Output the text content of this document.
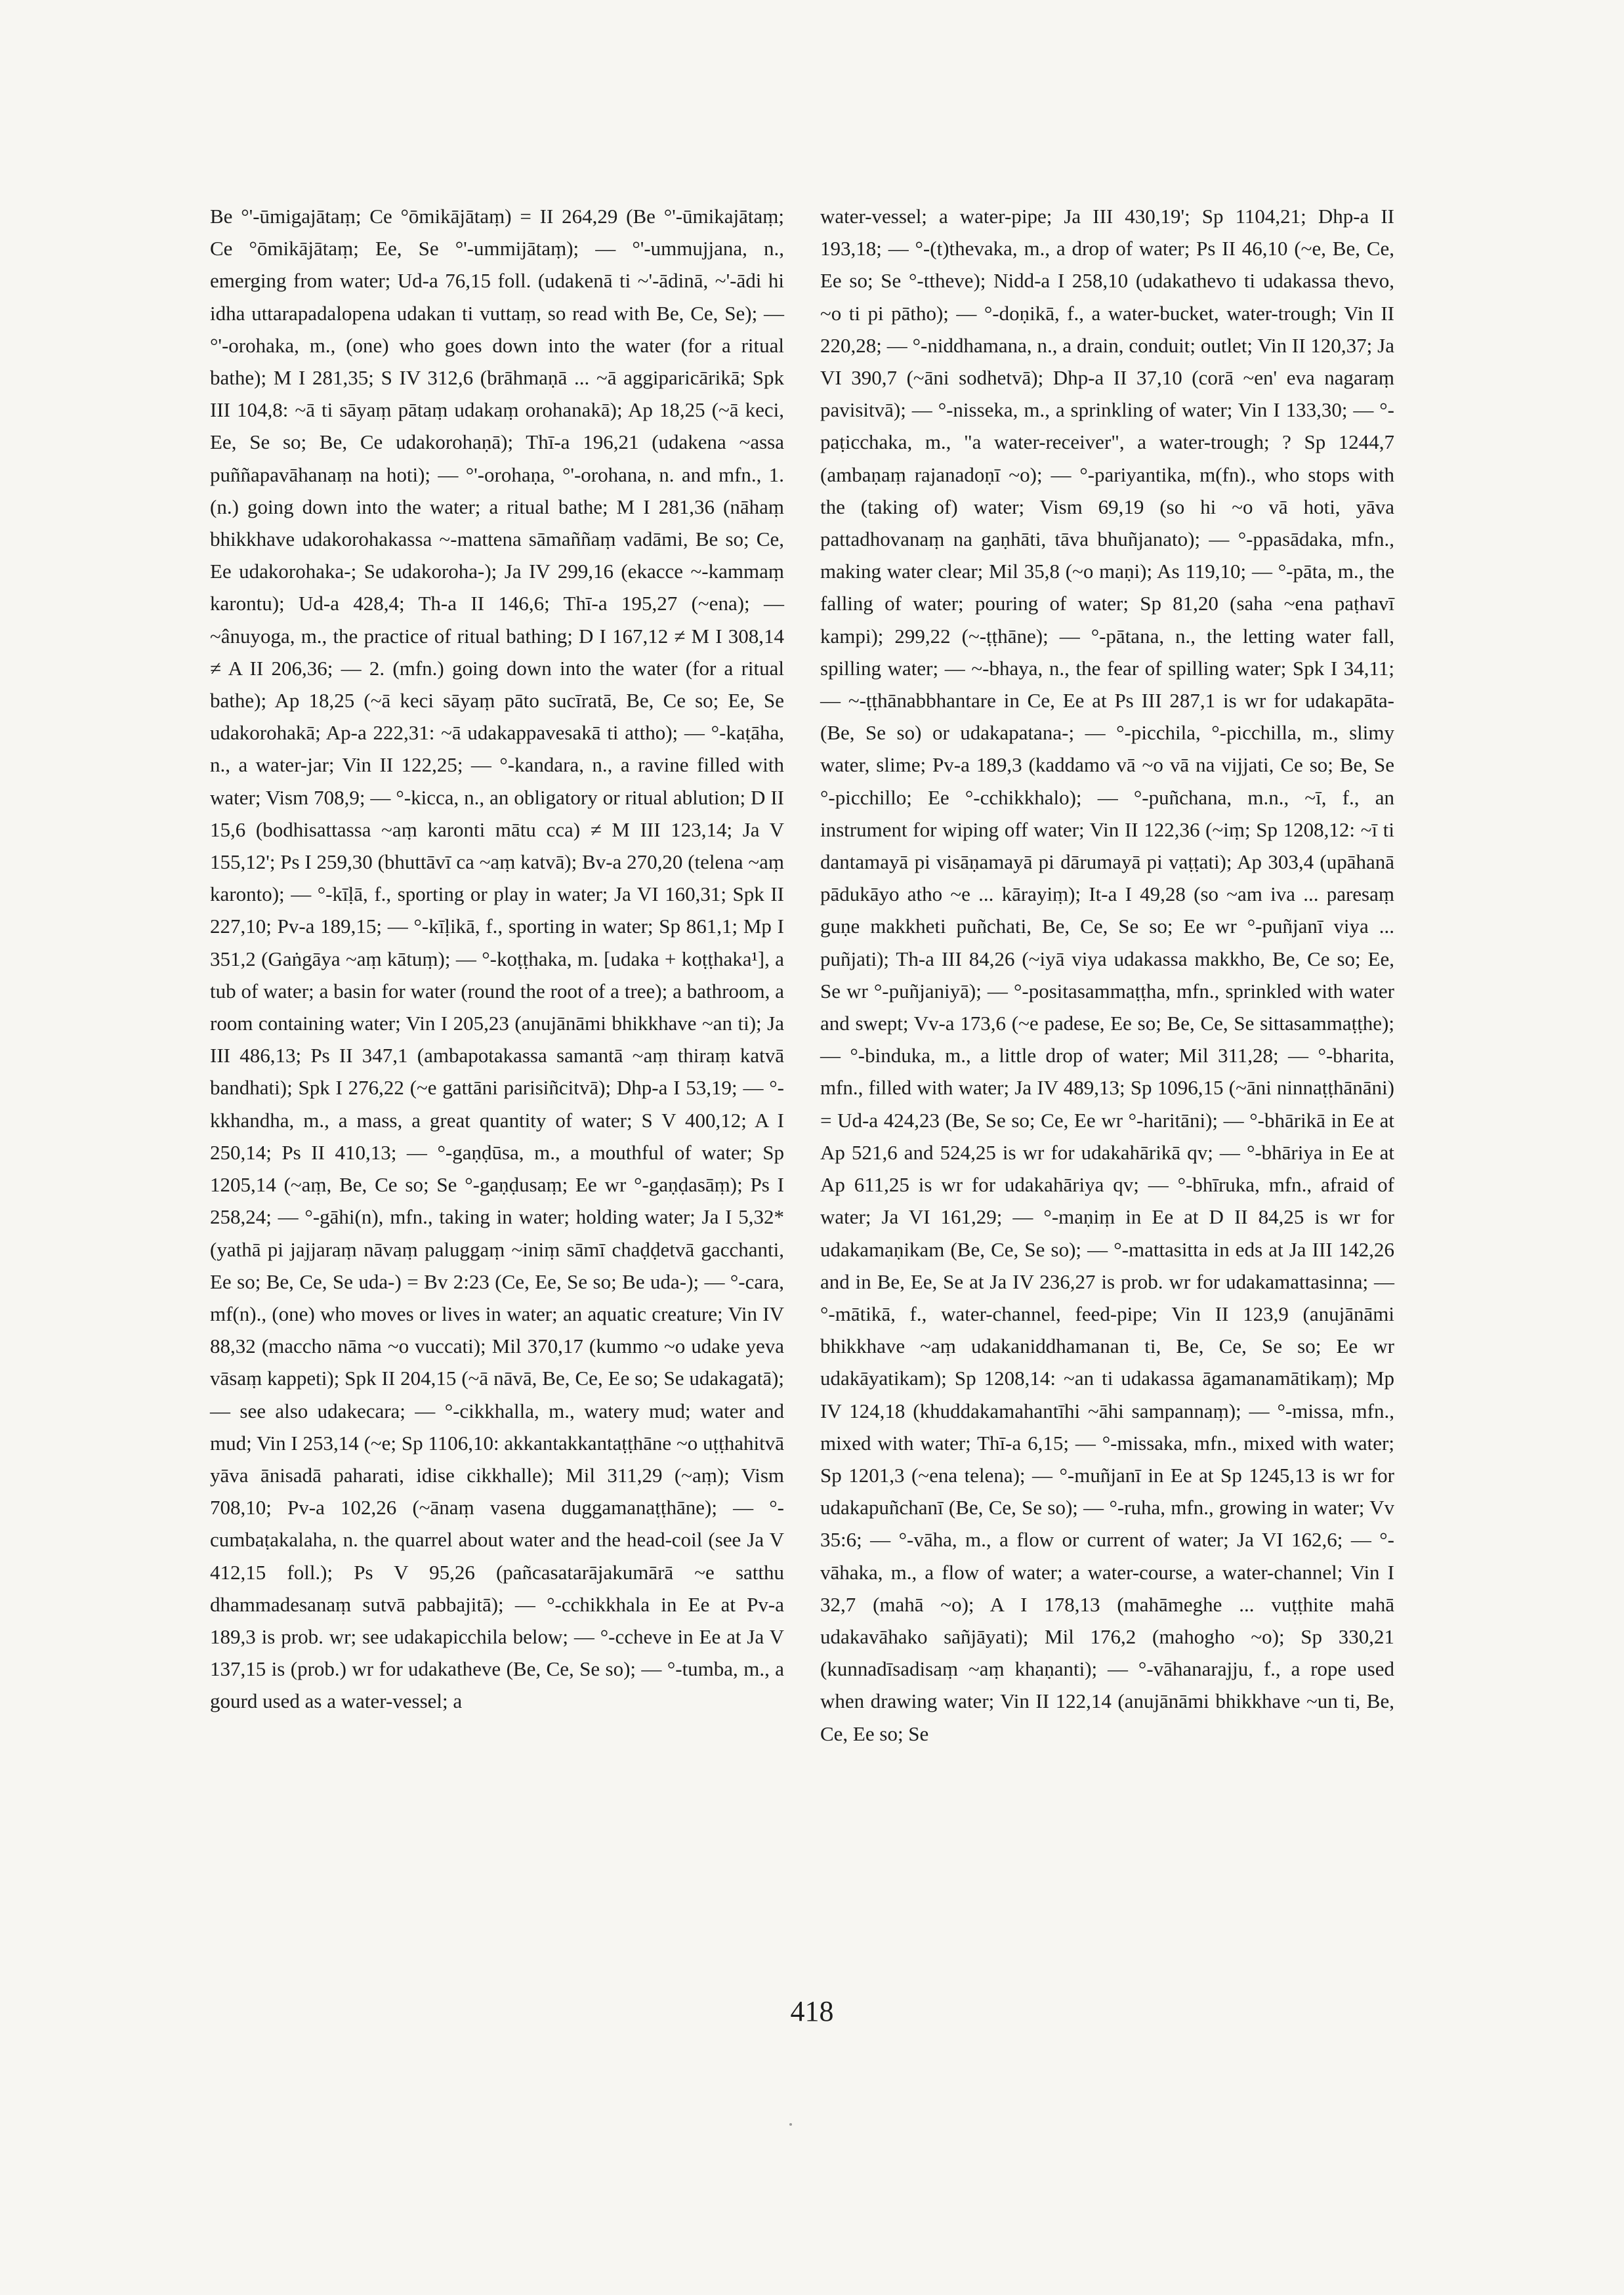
Be °'-ūmigajātaṃ; Ce °ōmikājātaṃ) = II 264,29 (Be °'-ūmikajātaṃ; Ce °ōmikājātaṃ; Ee, Se °'-ummijātaṃ); — °'-ummujjana, n., emerging from water; Ud-a 76,15 foll. (udakenā ti ~'-ādinā, ~'-ādi hi idha uttarapadalopena udakan ti vuttaṃ, so read with Be, Ce, Se); — °'-orohaka, m., (one) who goes down into the water (for a ritual bathe); M I 281,35; S IV 312,6 (brāhmaṇā ... ~ā aggiparicārikā; Spk III 104,8: ~ā ti sāyaṃ pātaṃ udakaṃ orohanakā); Ap 18,25 (~ā keci, Ee, Se so; Be, Ce udakorohaṇā); Thī-a 196,21 (udakena ~assa puññapavāhanaṃ na hoti); — °'-orohaṇa, °'-orohana, n. and mfn., 1. (n.) going down into the water; a ritual bathe; M I 281,36 (nāhaṃ bhikkhave udakorohakassa ~-mattena sāmaññaṃ vadāmi, Be so; Ce, Ee udakorohaka-; Se udakoroha-); Ja IV 299,16 (ekacce ~-kammaṃ karontu); Ud-a 428,4; Th-a II 146,6; Thī-a 195,27 (~ena); — ~ânuyoga, m., the practice of ritual bathing; D I 167,12 ≠ M I 308,14 ≠ A II 206,36; — 2. (mfn.) going down into the water (for a ritual bathe); Ap 18,25 (~ā keci sāyaṃ pāto sucīratā, Be, Ce so; Ee, Se udakorohakā; Ap-a 222,31: ~ā udakappavesakā ti attho); — °-kaṭāha, n., a water-jar; Vin II 122,25; — °-kandara, n., a ravine filled with water; Vism 708,9; — °-kicca, n., an obligatory or ritual ablution; D II 15,6 (bodhisattassa ~aṃ karonti mātu cca) ≠ M III 123,14; Ja V 155,12'; Ps I 259,30 (bhuttāvī ca ~aṃ katvā); Bv-a 270,20 (telena ~aṃ karonto); — °-kīḷā, f., sporting or play in water; Ja VI 160,31; Spk II 227,10; Pv-a 189,15; — °-kīḷikā, f., sporting in water; Sp 861,1; Mp I 351,2 (Gaṅgāya ~aṃ kātuṃ); — °-koṭṭhaka, m. [udaka + koṭṭhaka¹], a tub of water; a basin for water (round the root of a tree); a bathroom, a room containing water; Vin I 205,23 (anujānāmi bhikkhave ~an ti); Ja III 486,13; Ps II 347,1 (ambapotakassa samantā ~aṃ thiraṃ katvā bandhati); Spk I 276,22 (~e gattāni parisiñcitvā); Dhp-a I 53,19; — °-kkhandha, m., a mass, a great quantity of water; S V 400,12; A I 250,14; Ps II 410,13; — °-gaṇḍūsa, m., a mouthful of water; Sp 1205,14 (~aṃ, Be, Ce so; Se °-gaṇḍusaṃ; Ee wr °-gaṇḍasāṃ); Ps I 258,24; — °-gāhi(n), mfn., taking in water; holding water; Ja I 5,32* (yathā pi jajjaraṃ nāvaṃ paluggaṃ ~iniṃ sāmī chaḍḍetvā gacchanti, Ee so; Be, Ce, Se uda-) = Bv 2:23 (Ce, Ee, Se so; Be uda-); — °-cara, mf(n)., (one) who moves or lives in water; an aquatic creature; Vin IV 88,32 (maccho nāma ~o vuccati); Mil 370,17 (kummo ~o udake yeva vāsaṃ kappeti); Spk II 204,15 (~ā nāvā, Be, Ce, Ee so; Se udakagatā); — see also udakecara; — °-cikkhalla, m., watery mud; water and mud; Vin I 253,14 (~e; Sp 1106,10: akkantakkantaṭṭhāne ~o uṭṭhahitvā yāva ānisadā paharati, idise cikkhalle); Mil 311,29 (~aṃ); Vism 708,10; Pv-a 102,26 (~ānaṃ vasena duggamanaṭṭhāne); — °-cumbaṭakalaha, n. the quarrel about water and the head-coil (see Ja V 412,15 foll.); Ps V 95,26 (pañcasatarājakumārā ~e satthu dhammadesanaṃ sutvā pabbajitā); — °-cchikkhala in Ee at Pv-a 189,3 is prob. wr; see udakapicchila below; — °-ccheve in Ee at Ja V 137,15 is (prob.) wr for udakatheve (Be, Ce, Se so); — °-tumba, m., a gourd used as a water-vessel; a

water-vessel; a water-pipe; Ja III 430,19'; Sp 1104,21; Dhp-a II 193,18; — °-(t)thevaka, m., a drop of water; Ps II 46,10 (~e, Be, Ce, Ee so; Se °-ttheve); Nidd-a I 258,10 (udakathevo ti udakassa thevo, ~o ti pi pātho); — °-doṇikā, f., a water-bucket, water-trough; Vin II 220,28; — °-niddhamana, n., a drain, conduit; outlet; Vin II 120,37; Ja VI 390,7 (~āni sodhetvā); Dhp-a II 37,10 (corā ~en' eva nagaraṃ pavisitvā); — °-nisseka, m., a sprinkling of water; Vin I 133,30; — °-paṭicchaka, m., "a water-receiver", a water-trough; ? Sp 1244,7 (ambaṇaṃ rajanadoṇī ~o); — °-pariyantika, m(fn)., who stops with the (taking of) water; Vism 69,19 (so hi ~o vā hoti, yāva pattadhovanaṃ na gaṇhāti, tāva bhuñjanato); — °-ppasādaka, mfn., making water clear; Mil 35,8 (~o maṇi); As 119,10; — °-pāta, m., the falling of water; pouring of water; Sp 81,20 (saha ~ena paṭhavī kampi); 299,22 (~-ṭṭhāne); — °-pātana, n., the letting water fall, spilling water; — ~-bhaya, n., the fear of spilling water; Spk I 34,11; — ~-ṭṭhānabbhantare in Ce, Ee at Ps III 287,1 is wr for udakapāta- (Be, Se so) or udakapatana-; — °-picchila, °-picchilla, m., slimy water, slime; Pv-a 189,3 (kaddamo vā ~o vā na vijjati, Ce so; Be, Se °-picchillo; Ee °-cchikkhalo); — °-puñchana, m.n., ~ī, f., an instrument for wiping off water; Vin II 122,36 (~iṃ; Sp 1208,12: ~ī ti dantamayā pi visāṇamayā pi dārumayā pi vaṭṭati); Ap 303,4 (upāhanā pādukāyo atho ~e ... kārayiṃ); It-a I 49,28 (so ~am iva ... paresaṃ guṇe makkheti puñchati, Be, Ce, Se so; Ee wr °-puñjanī viya ... puñjati); Th-a III 84,26 (~iyā viya udakassa makkho, Be, Ce so; Ee, Se wr °-puñjaniyā); — °-positasammaṭṭha, mfn., sprinkled with water and swept; Vv-a 173,6 (~e padese, Ee so; Be, Ce, Se sittasammaṭṭhe); — °-binduka, m., a little drop of water; Mil 311,28; — °-bharita, mfn., filled with water; Ja IV 489,13; Sp 1096,15 (~āni ninnaṭṭhānāni) = Ud-a 424,23 (Be, Se so; Ce, Ee wr °-haritāni); — °-bhārikā in Ee at Ap 521,6 and 524,25 is wr for udakahārikā qv; — °-bhāriya in Ee at Ap 611,25 is wr for udakahāriya qv; — °-bhīruka, mfn., afraid of water; Ja VI 161,29; — °-maṇiṃ in Ee at D II 84,25 is wr for udakamaṇikam (Be, Ce, Se so); — °-mattasitta in eds at Ja III 142,26 and in Be, Ee, Se at Ja IV 236,27 is prob. wr for udakamattasinna; — °-mātikā, f., water-channel, feed-pipe; Vin II 123,9 (anujānāmi bhikkhave ~aṃ udakaniddhamanan ti, Be, Ce, Se so; Ee wr udakāyatikam); Sp 1208,14: ~an ti udakassa āgamanamātikaṃ); Mp IV 124,18 (khuddakamahantīhi ~āhi sampannaṃ); — °-missa, mfn., mixed with water; Thī-a 6,15; — °-missaka, mfn., mixed with water; Sp 1201,3 (~ena telena); — °-muñjanī in Ee at Sp 1245,13 is wr for udakapuñchanī (Be, Ce, Se so); — °-ruha, mfn., growing in water; Vv 35:6; — °-vāha, m., a flow or current of water; Ja VI 162,6; — °-vāhaka, m., a flow of water; a water-course, a water-channel; Vin I 32,7 (mahā ~o); A I 178,13 (mahāmeghe ... vuṭṭhite mahā udakavāhako sañjāyati); Mil 176,2 (mahogho ~o); Sp 330,21 (kunnadīsadisaṃ ~aṃ khaṇanti); — °-vāhanarajju, f., a rope used when drawing water; Vin II 122,14 (anujānāmi bhikkhave ~un ti, Be, Ce, Ee so; Se

418
